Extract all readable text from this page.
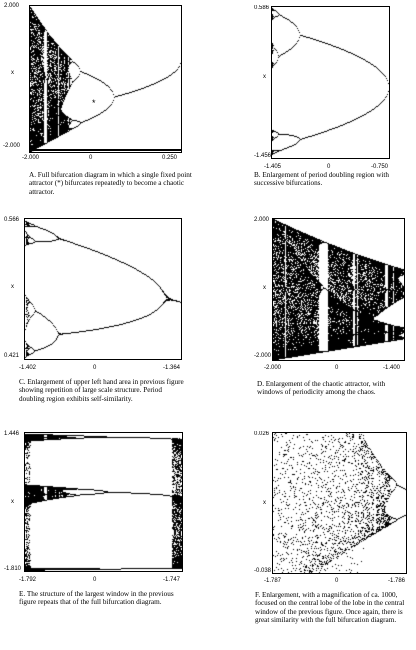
2.000
x
-2.000
-2.000	0	0.250
*
A. Full bifurcation diagram in which a single fixed point attractor (*) bifurcates repeatedly to become a chaotic attractor.
0.586
x
-1.456
-1.405	0	-0.750
B. Enlargement of period doubling region with successive bifurcations.
0.566
x
0.421
-1.402	0	-1.364
C. Enlargement of upper left hand area in previous figure showing repetition of large scale structure. Period doubling region exhibits self-similarity.
2.000
x
-2.000
-2.000	0	-1.400
D. Enlargement of the chaotic attractor, with windows of periodicity among the chaos.
1.446
x
-1.810
-1.792	0	-1.747
E. The structure of the largest window in the previous figure repeats that of the full bifurcation diagram.
0.026
x
-0.038
-1.787	0	-1.786
F. Enlargement, with a magnification of ca. 1000, focused on the central lobe of the lobe in the central window of the previous figure. Once again, there is great similarity with the full bifurcation diagram.
